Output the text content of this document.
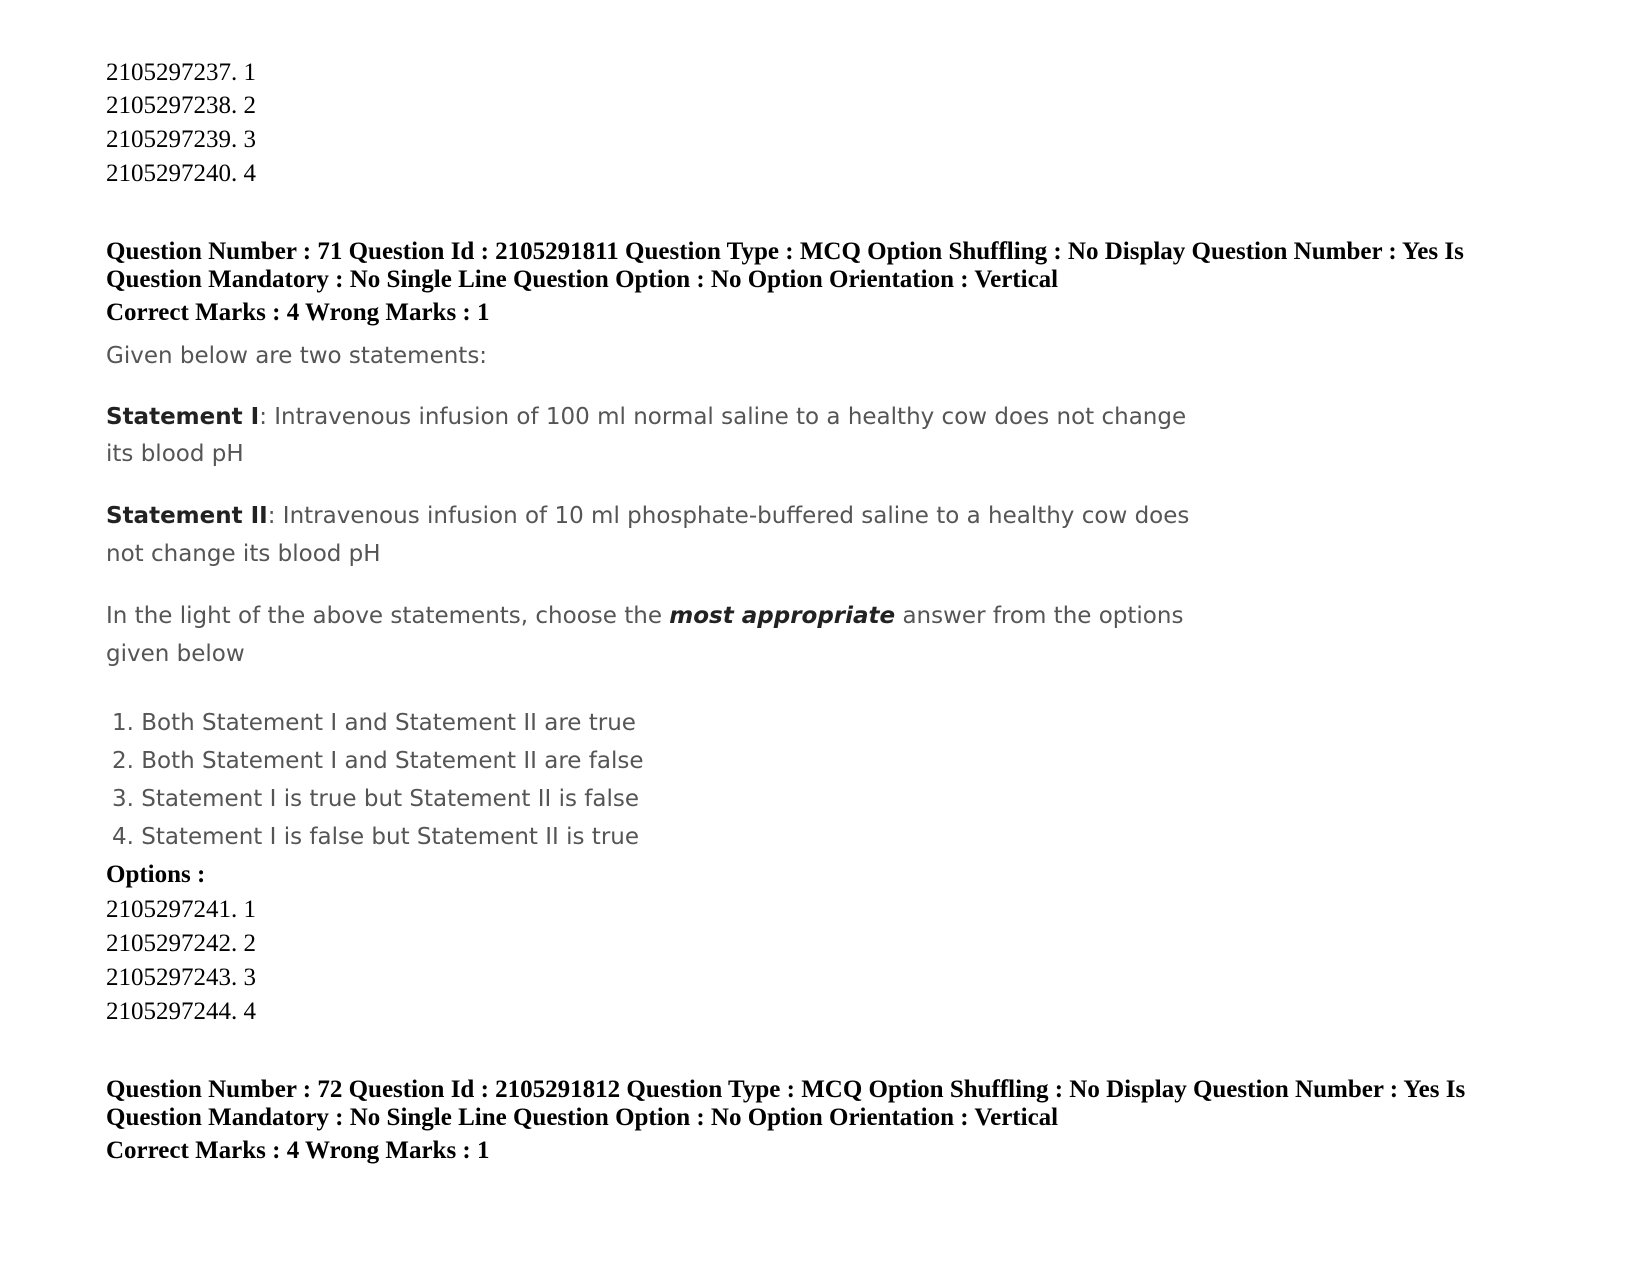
2105297237. 1
2105297238. 2
2105297239. 3
2105297240. 4
Question Number : 71 Question Id : 2105291811 Question Type : MCQ Option Shuffling : No Display Question Number : Yes Is
Question Mandatory : No Single Line Question Option : No Option Orientation : Vertical
Correct Marks : 4 Wrong Marks : 1
Given below are two statements:
Statement I: Intravenous infusion of 100 ml normal saline to a healthy cow does not change
its blood pH
Statement II: Intravenous infusion of 10 ml phosphate-buffered saline to a healthy cow does
not change its blood pH
In the light of the above statements, choose the most appropriate answer from the options
given below
1. Both Statement I and Statement II are true
2. Both Statement I and Statement II are false
3. Statement I is true but Statement II is false
4. Statement I is false but Statement II is true
Options :
2105297241. 1
2105297242. 2
2105297243. 3
2105297244. 4
Question Number : 72 Question Id : 2105291812 Question Type : MCQ Option Shuffling : No Display Question Number : Yes Is
Question Mandatory : No Single Line Question Option : No Option Orientation : Vertical
Correct Marks : 4 Wrong Marks : 1
